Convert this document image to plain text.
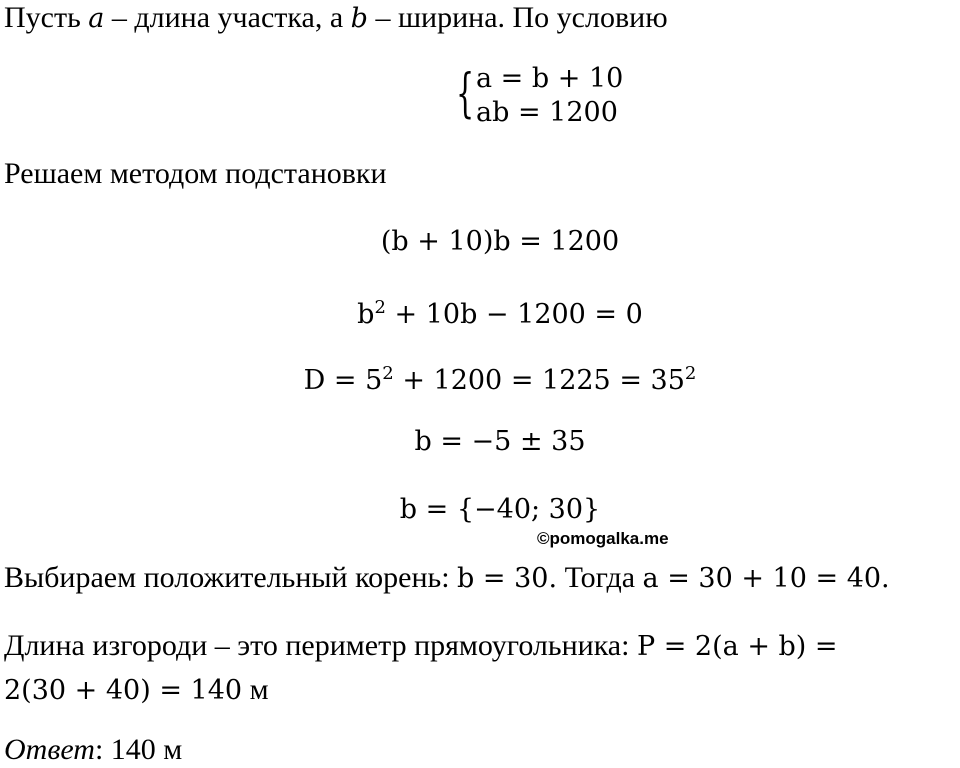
Пусть a – длина участка, а b – ширина. По условию
{ a = b + 10
ab = 1200
Решаем методом подстановки
(b + 10)b = 1200
$b^2 + 10b - 1200 = 0$
$D = 5^2 + 1200 = 1225 = 35^2$
b = −5 ± 35
b = {−40; 30}
©pomogalka.me
Выбираем положительный корень: b = 30. Тогда a = 30 + 10 = 40.
Длина изгороди – это периметр прямоугольника: P = 2(a + b) =
2(30 + 40) = 140 м
Ответ: 140 м
